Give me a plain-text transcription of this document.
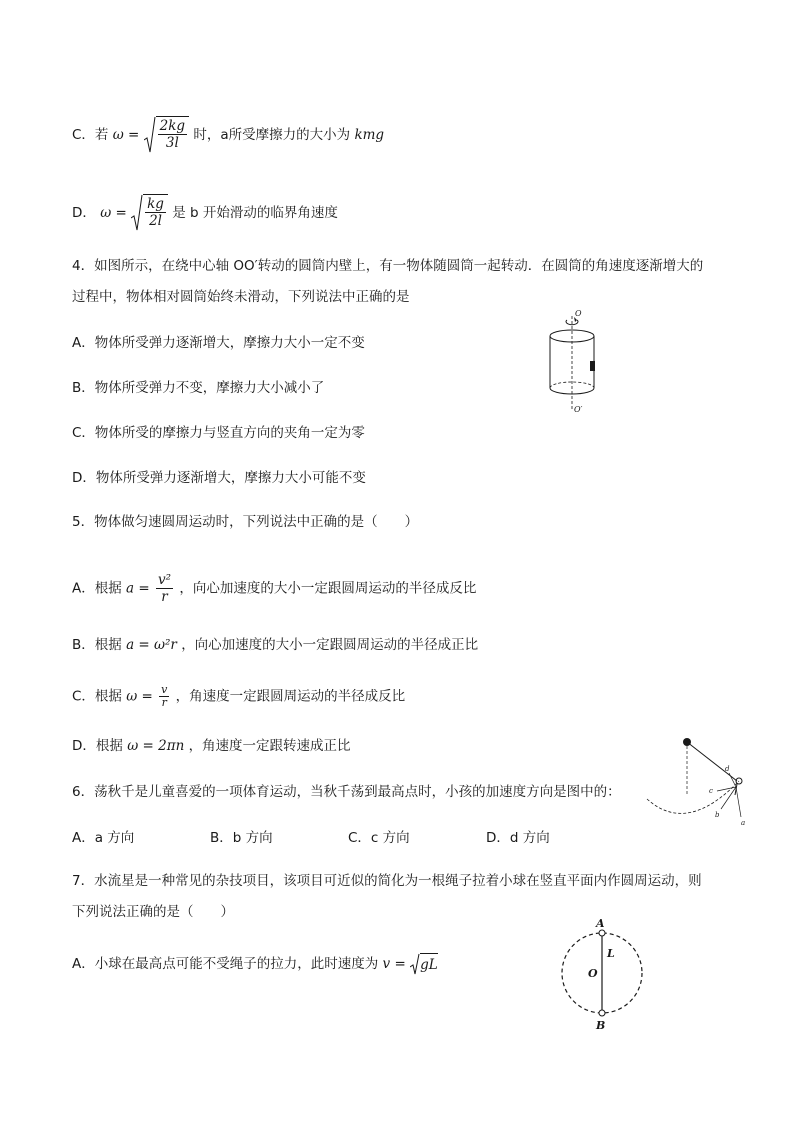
C．若 $\omega = \frac{2kg}{3l}$ 时，a所受摩擦力的大小为 kmg
D． $\omega = \frac{kg}{2l}$ 是 b 开始滑动的临界角速度
4．如图所示，在绕中心轴 OO′转动的圆筒内壁上，有一物体随圆筒一起转动．在圆筒的角速度逐渐增大的
过程中，物体相对圆筒始终未滑动，下列说法中正确的是
A．物体所受弹力逐渐增大，摩擦力大小一定不变
B．物体所受弹力不变，摩擦力大小减小了
C．物体所受的摩擦力与竖直方向的夹角一定为零
D．物体所受弹力逐渐增大，摩擦力大小可能不变
O
O′
5．物体做匀速圆周运动时，下列说法中正确的是（　　）
A．根据 $a = \frac{\text{v²}}{r}$ ，向心加速度的大小一定跟圆周运动的半径成反比
B．根据 a = ω²r ，向心加速度的大小一定跟圆周运动的半径成正比
C．根据 $\omega = \frac{v}{r}$ ，角速度一定跟圆周运动的半径成反比
D．根据 ω = 2πn ，角速度一定跟转速成正比
6．荡秋千是儿童喜爱的一项体育运动，当秋千荡到最高点时，小孩的加速度方向是图中的：
A．a 方向	B．b 方向	C．c 方向	D．d 方向
a
b
c
d
7．水流星是一种常见的杂技项目，该项目可近似的简化为一根绳子拉着小球在竖直平面内作圆周运动，则
下列说法正确的是（　　）
A．小球在最高点可能不受绳子的拉力，此时速度为 v = gL
A
L
O
B
